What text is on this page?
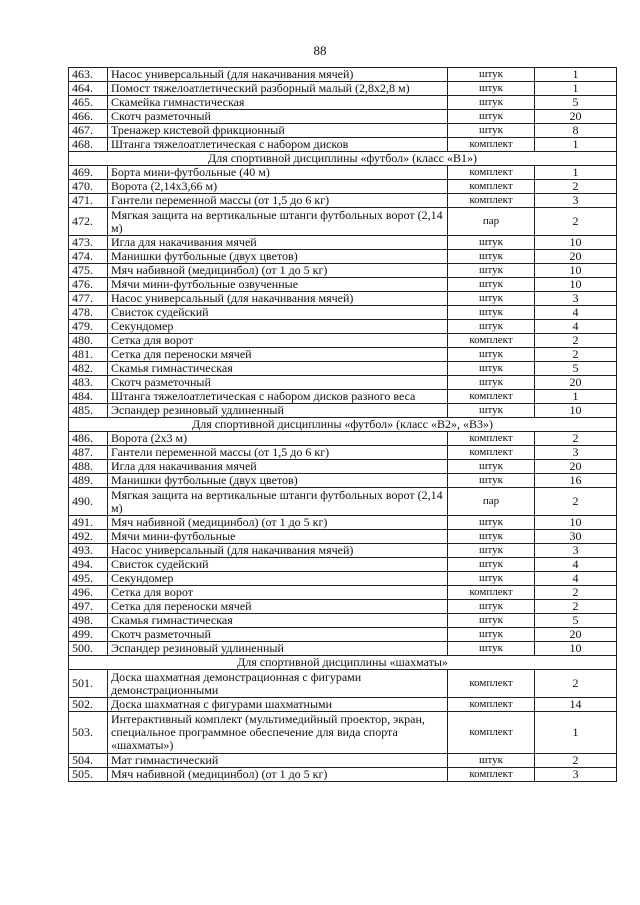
88
463.	Насос универсальный (для накачивания мячей)	штук	1
464.	Помост тяжелоатлетический разборный малый (2,8х2,8 м)	штук	1
465.	Скамейка гимнастическая	штук	5
466.	Скотч разметочный	штук	20
467.	Тренажер кистевой фрикционный	штук	8
468.	Штанга тяжелоатлетическая с набором дисков	комплект	1
Для спортивной дисциплины «футбол» (класс «В1»)			
469.	Борта мини-футбольные (40 м)	комплект	1
470.	Ворота (2,14х3,66 м)	комплект	2
471.	Гантели переменной массы (от 1,5 до 6 кг)	комплект	3
472.	Мягкая защита на вертикальные штанги футбольных ворот (2,14 м)	пар	2
473.	Игла для накачивания мячей	штук	10
474.	Манишки футбольные (двух цветов)	штук	20
475.	Мяч набивной (медицинбол) (от 1 до 5 кг)	штук	10
476.	Мячи мини-футбольные озвученные	штук	10
477.	Насос универсальный (для накачивания мячей)	штук	3
478.	Свисток судейский	штук	4
479.	Секундомер	штук	4
480.	Сетка для ворот	комплект	2
481.	Сетка для переноски мячей	штук	2
482.	Скамья гимнастическая	штук	5
483.	Скотч разметочный	штук	20
484.	Штанга тяжелоатлетическая с набором дисков разного веса	комплект	1
485.	Эспандер резиновый удлиненный	штук	10
Для спортивной дисциплины «футбол» (класс «В2», «В3»)			
486.	Ворота (2х3 м)	комплект	2
487.	Гантели переменной массы (от 1,5 до 6 кг)	комплект	3
488.	Игла для накачивания мячей	штук	20
489.	Манишки футбольные (двух цветов)	штук	16
490.	Мягкая защита на вертикальные штанги футбольных ворот (2,14 м)	пар	2
491.	Мяч набивной (медицинбол) (от 1 до 5 кг)	штук	10
492.	Мячи мини-футбольные	штук	30
493.	Насос универсальный (для накачивания мячей)	штук	3
494.	Свисток судейский	штук	4
495.	Секундомер	штук	4
496.	Сетка для ворот	комплект	2
497.	Сетка для переноски мячей	штук	2
498.	Скамья гимнастическая	штук	5
499.	Скотч разметочный	штук	20
500.	Эспандер резиновый удлиненный	штук	10
Для спортивной дисциплины «шахматы»			
501.	Доска шахматная демонстрационная с фигурами демонстрационными	комплект	2
502.	Доска шахматная с фигурами шахматными	комплект	14
503.	Интерактивный комплект (мультимедийный проектор, экран, специальное программное обеспечение для вида спорта «шахматы»)	комплект	1
504.	Мат гимнастический	штук	2
505.	Мяч набивной (медицинбол) (от 1 до 5 кг)	комплект	3
